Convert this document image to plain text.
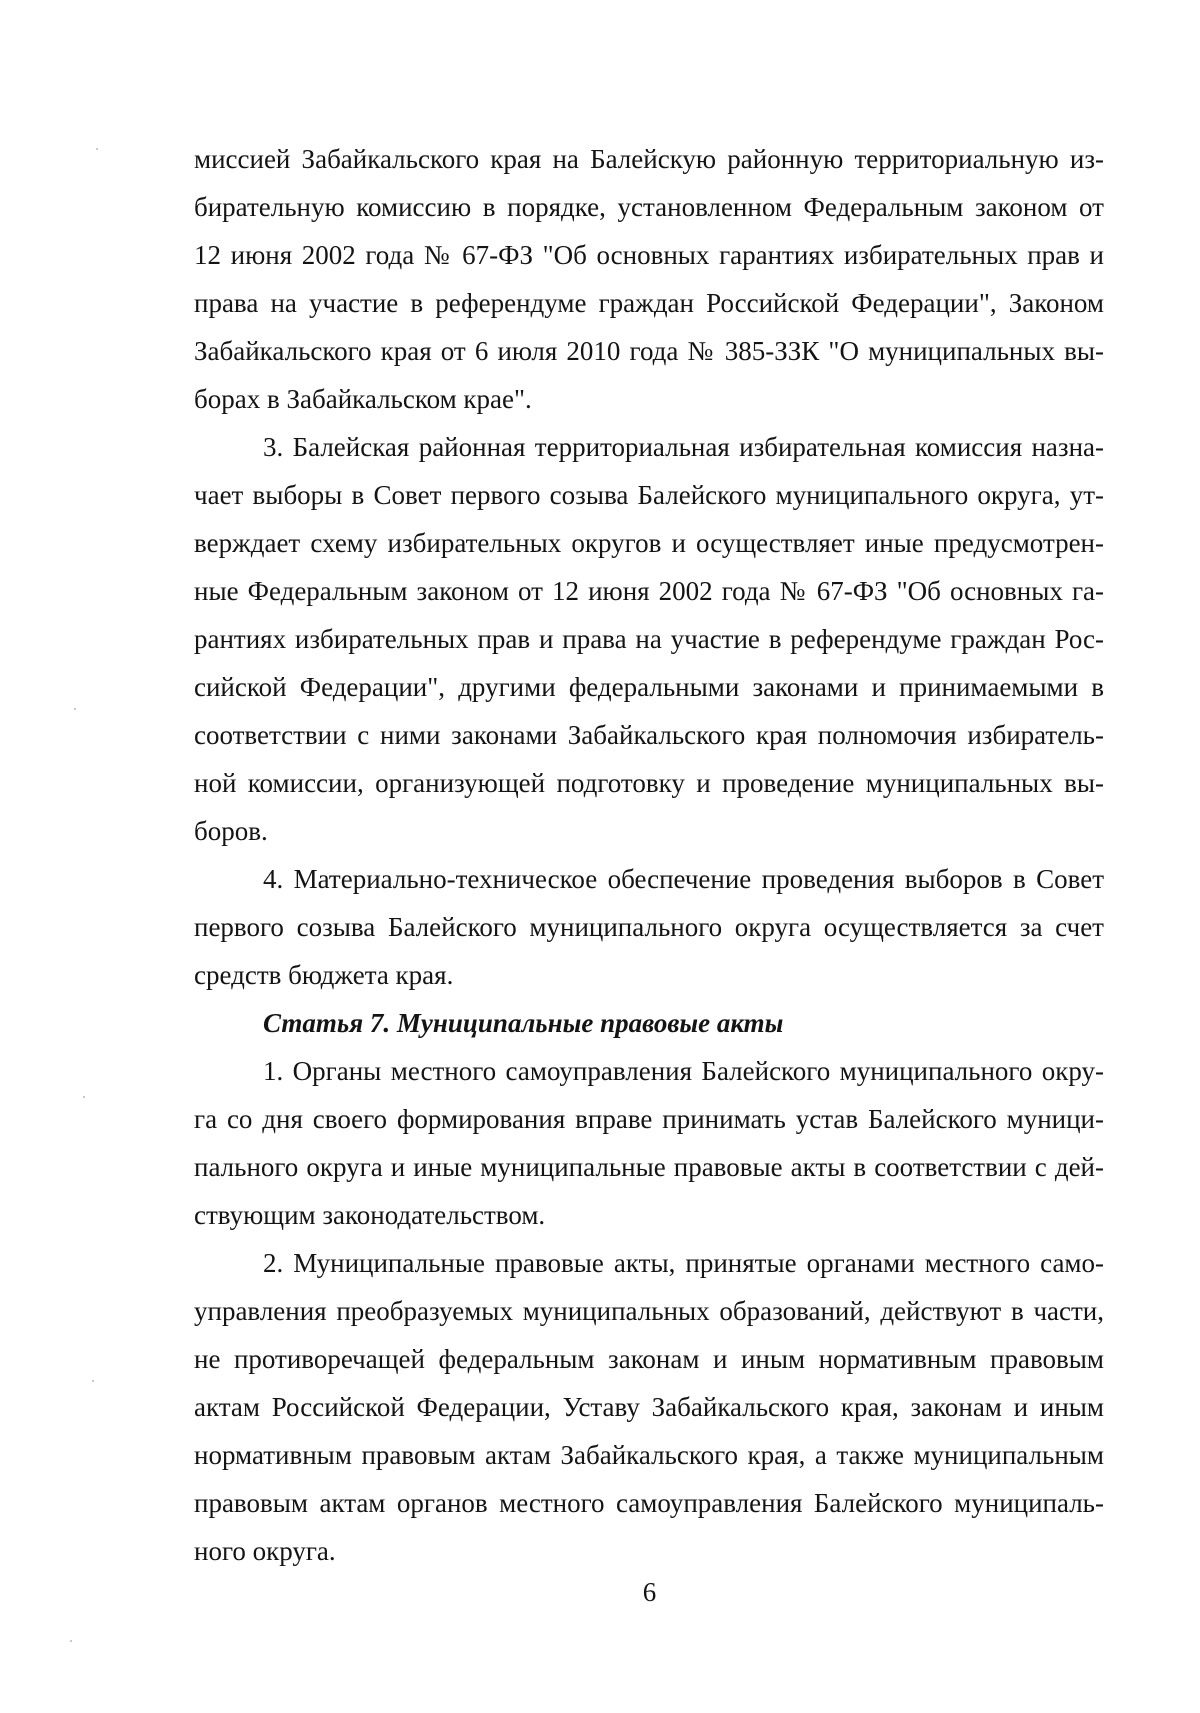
миссией Забайкальского края на Балейскую районную территориальную из-
бирательную комиссию в порядке, установленном Федеральным законом от
12 июня 2002 года № 67-ФЗ "Об основных гарантиях избирательных прав и
права на участие в референдуме граждан Российской Федерации", Законом
Забайкальского края от 6 июля 2010 года № 385-ЗЗК "О муниципальных вы-
борах в Забайкальском крае".
3. Балейская районная территориальная избирательная комиссия назна-
чает выборы в Совет первого созыва Балейского муниципального округа, ут-
верждает схему избирательных округов и осуществляет иные предусмотрен-
ные Федеральным законом от 12 июня 2002 года № 67-ФЗ "Об основных га-
рантиях избирательных прав и права на участие в референдуме граждан Рос-
сийской Федерации", другими федеральными законами и принимаемыми в
соответствии с ними законами Забайкальского края полномочия избиратель-
ной комиссии, организующей подготовку и проведение муниципальных вы-
боров.
4. Материально-техническое обеспечение проведения выборов в Совет
первого созыва Балейского муниципального округа осуществляется за счет
средств бюджета края.
Статья 7. Муниципальные правовые акты
1. Органы местного самоуправления Балейского муниципального окру-
га со дня своего формирования вправе принимать устав Балейского муници-
пального округа и иные муниципальные правовые акты в соответствии с дей-
ствующим законодательством.
2. Муниципальные правовые акты, принятые органами местного само-
управления преобразуемых муниципальных образований, действуют в части,
не противоречащей федеральным законам и иным нормативным правовым
актам Российской Федерации, Уставу Забайкальского края, законам и иным
нормативным правовым актам Забайкальского края, а также муниципальным
правовым актам органов местного самоуправления Балейского муниципаль-
ного округа.
6
